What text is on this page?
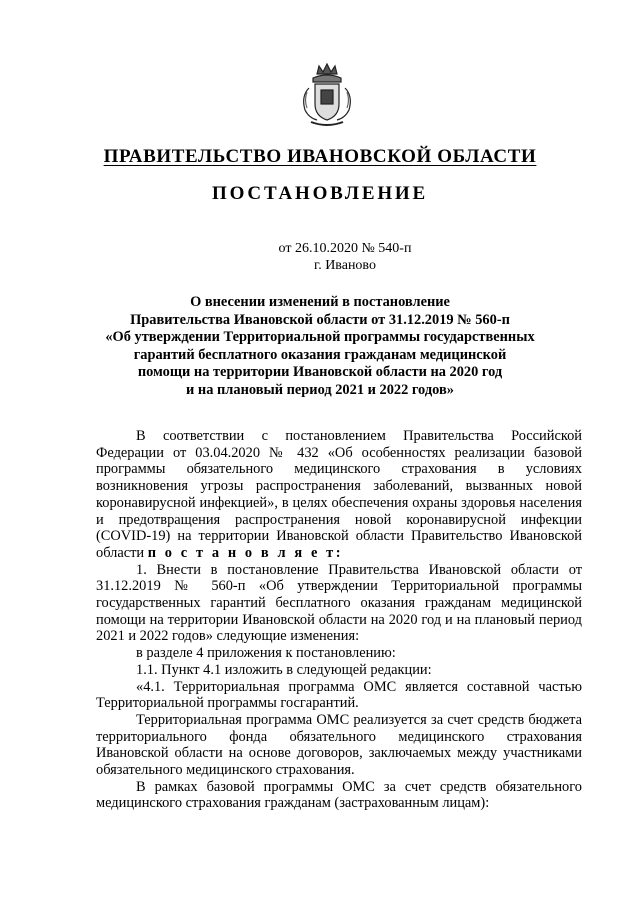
ПРАВИТЕЛЬСТВО ИВАНОВСКОЙ ОБЛАСТИ
ПОСТАНОВЛЕНИЕ
от 26.10.2020 № 540-п
г. Иваново
О внесении изменений в постановление
Правительства Ивановской области от 31.12.2019 № 560-п
«Об утверждении Территориальной программы государственных
гарантий бесплатного оказания гражданам медицинской
помощи на территории Ивановской области на 2020 год
и на плановый период 2021 и 2022 годов»

В соответствии с постановлением Правительства Российской Федерации от 03.04.2020 № 432 «Об особенностях реализации базовой программы обязательного медицинского страхования в условиях возникновения угрозы распространения заболеваний, вызванных новой коронавирусной инфекцией», в целях обеспечения охраны здоровья населения и предотвращения распространения новой коронавирусной инфекции (COVID-19) на территории Ивановской области Правительство Ивановской области п о с т а н о в л я е т:

1. Внести в постановление Правительства Ивановской области от 31.12.2019 № 560-п «Об утверждении Территориальной программы государственных гарантий бесплатного оказания гражданам медицинской помощи на территории Ивановской области на 2020 год и на плановый период 2021 и 2022 годов» следующие изменения:

в разделе 4 приложения к постановлению:

1.1. Пункт 4.1 изложить в следующей редакции:

«4.1. Территориальная программа ОМС является составной частью Территориальной программы госгарантий.

Территориальная программа ОМС реализуется за счет средств бюджета территориального фонда обязательного медицинского страхования Ивановской области на основе договоров, заключаемых между участниками обязательного медицинского страхования.

В рамках базовой программы ОМС за счет средств обязательного медицинского страхования гражданам (застрахованным лицам):
